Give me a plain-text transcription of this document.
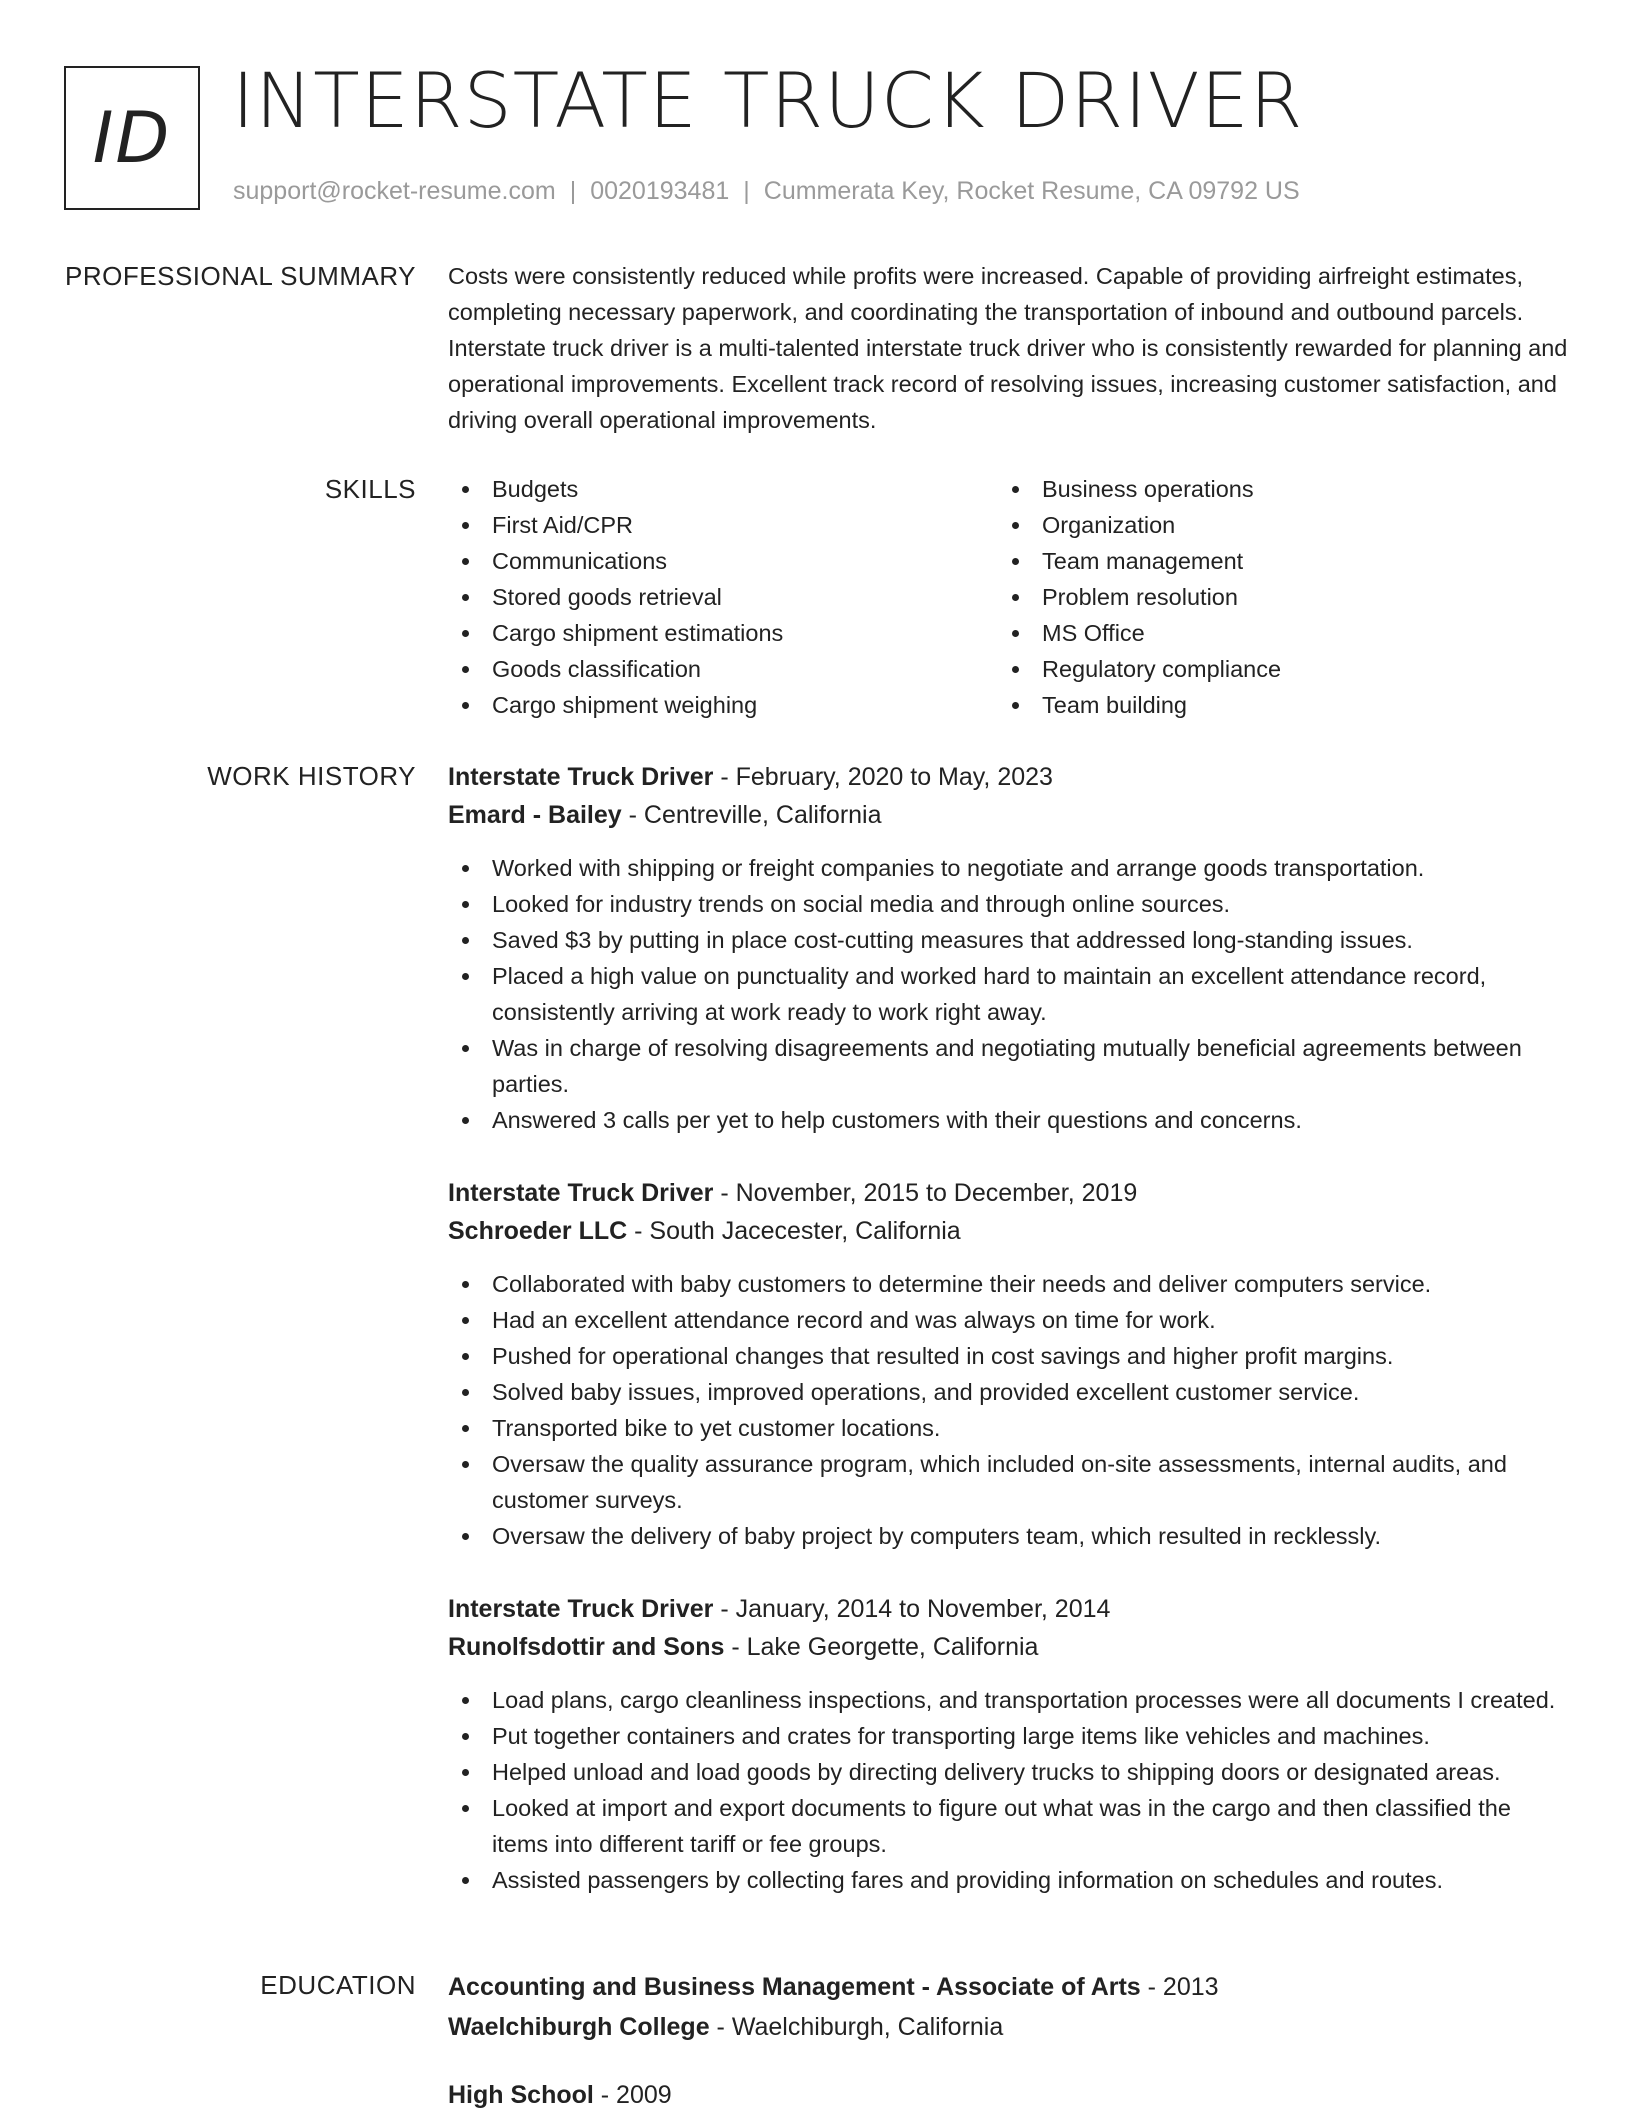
ID INTERSTATE TRUCK DRIVER
support@rocket-resume.com | 0020193481 | Cummerata Key, Rocket Resume, CA 09792 US
PROFESSIONAL SUMMARY Costs were consistently reduced while profits were increased. Capable of providing airfreight estimates, completing necessary paperwork, and coordinating the transportation of inbound and outbound parcels. Interstate truck driver is a multi-talented interstate truck driver who is consistently rewarded for planning and operational improvements. Excellent track record of resolving issues, increasing customer satisfaction, and driving overall operational improvements.

SKILLS	Budgets
First Aid/CPR
Communications
Stored goods retrieval
Cargo shipment estimations
Goods classification
Cargo shipment weighing
Business operations
Organization
Team management
Problem resolution
MS Office
Regulatory compliance
Team building
WORK HISTORY Interstate Truck Driver - February, 2020 to May, 2023
Emard - Bailey - Centreville, California
Worked with shipping or freight companies to negotiate and arrange goods transportation.
Looked for industry trends on social media and through online sources.
Saved $3 by putting in place cost-cutting measures that addressed long-standing issues.
Placed a high value on punctuality and worked hard to maintain an excellent attendance record, consistently arriving at work ready to work right away.
Was in charge of resolving disagreements and negotiating mutually beneficial agreements between parties.
Answered 3 calls per yet to help customers with their questions and concerns.
Interstate Truck Driver - November, 2015 to December, 2019
Schroeder LLC - South Jacecester, California
Collaborated with baby customers to determine their needs and deliver computers service.
Had an excellent attendance record and was always on time for work.
Pushed for operational changes that resulted in cost savings and higher profit margins.
Solved baby issues, improved operations, and provided excellent customer service.
Transported bike to yet customer locations.
Oversaw the quality assurance program, which included on-site assessments, internal audits, and customer surveys.
Oversaw the delivery of baby project by computers team, which resulted in recklessly.
Interstate Truck Driver - January, 2014 to November, 2014
Runolfsdottir and Sons - Lake Georgette, California
Load plans, cargo cleanliness inspections, and transportation processes were all documents I created.
Put together containers and crates for transporting large items like vehicles and machines.
Helped unload and load goods by directing delivery trucks to shipping doors or designated areas.
Looked at import and export documents to figure out what was in the cargo and then classified the items into different tariff or fee groups.
Assisted passengers by collecting fares and providing information on schedules and routes.
EDUCATION Accounting and Business Management - Associate of Arts - 2013
Waelchiburgh College - Waelchiburgh, California
High School - 2009
